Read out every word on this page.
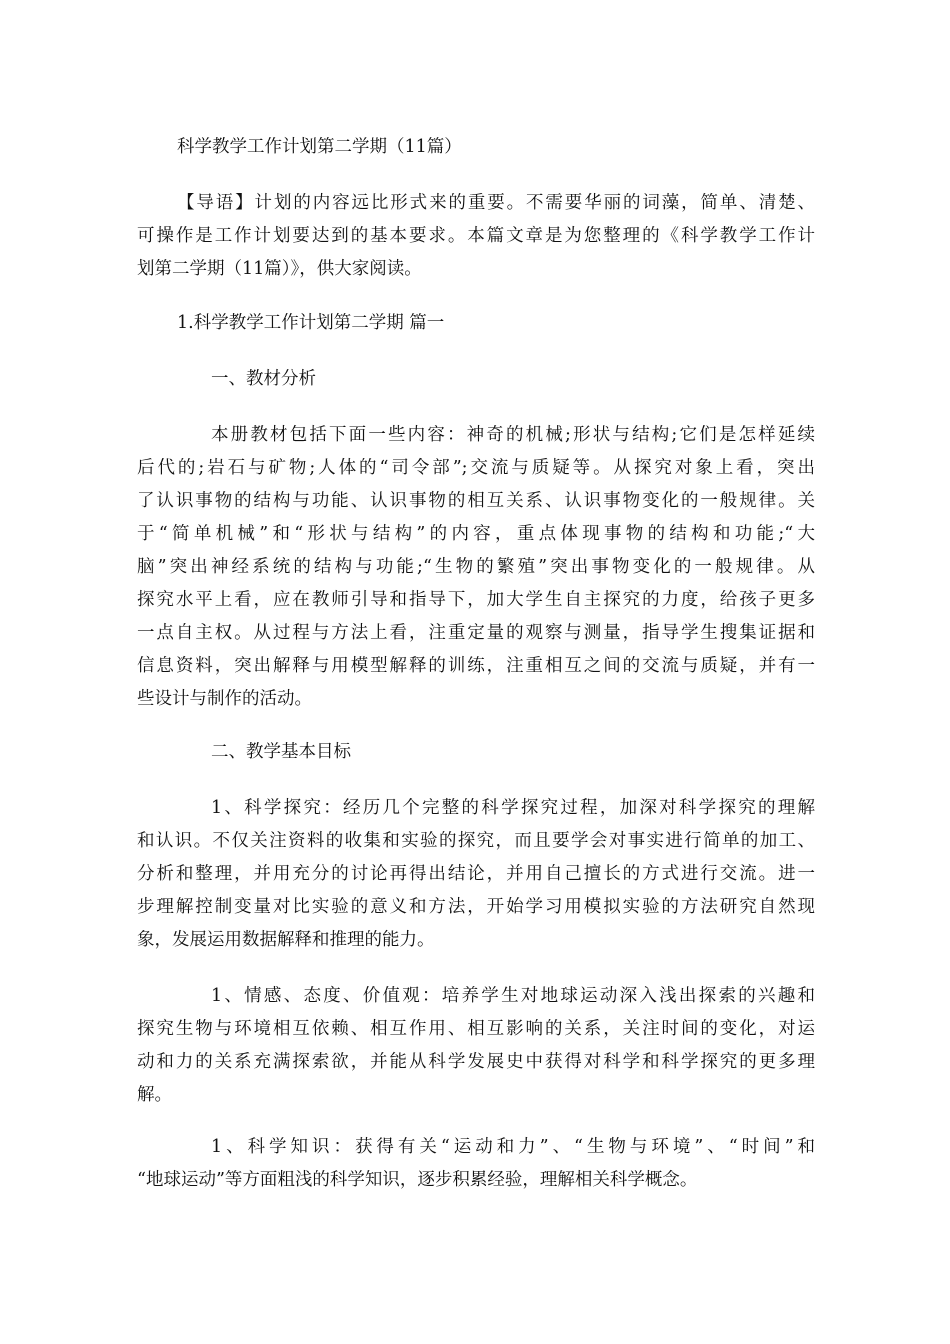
科学教学工作计划第二学期（11篇）
【导语】计划的内容远比形式来的重要。不需要华丽的词藻，简单、清楚、
可操作是工作计划要达到的基本要求。本篇文章是为您整理的《科学教学工作计
划第二学期（11篇）》，供大家阅读。
1.科学教学工作计划第二学期 篇一
一、教材分析
本册教材包括下面一些内容：神奇的机械;形状与结构;它们是怎样延续
后代的;岩石与矿物;人体的“司令部”;交流与质疑等。从探究对象上看，突出
了认识事物的结构与功能、认识事物的相互关系、认识事物变化的一般规律。关
于“简单机械”和“形状与结构”的内容，重点体现事物的结构和功能;“大
脑”突出神经系统的结构与功能;“生物的繁殖”突出事物变化的一般规律。从
探究水平上看，应在教师引导和指导下，加大学生自主探究的力度，给孩子更多
一点自主权。从过程与方法上看，注重定量的观察与测量，指导学生搜集证据和
信息资料，突出解释与用模型解释的训练，注重相互之间的交流与质疑，并有一
些设计与制作的活动。
二、教学基本目标
1、科学探究：经历几个完整的科学探究过程，加深对科学探究的理解
和认识。不仅关注资料的收集和实验的探究，而且要学会对事实进行简单的加工、
分析和整理，并用充分的讨论再得出结论，并用自己擅长的方式进行交流。进一
步理解控制变量对比实验的意义和方法，开始学习用模拟实验的方法研究自然现
象，发展运用数据解释和推理的能力。
1、情感、态度、价值观：培养学生对地球运动深入浅出探索的兴趣和
探究生物与环境相互依赖、相互作用、相互影响的关系，关注时间的变化，对运
动和力的关系充满探索欲，并能从科学发展史中获得对科学和科学探究的更多理
解。
1、科学知识：获得有关“运动和力”、“生物与环境”、“时间”和
“地球运动”等方面粗浅的科学知识，逐步积累经验，理解相关科学概念。
